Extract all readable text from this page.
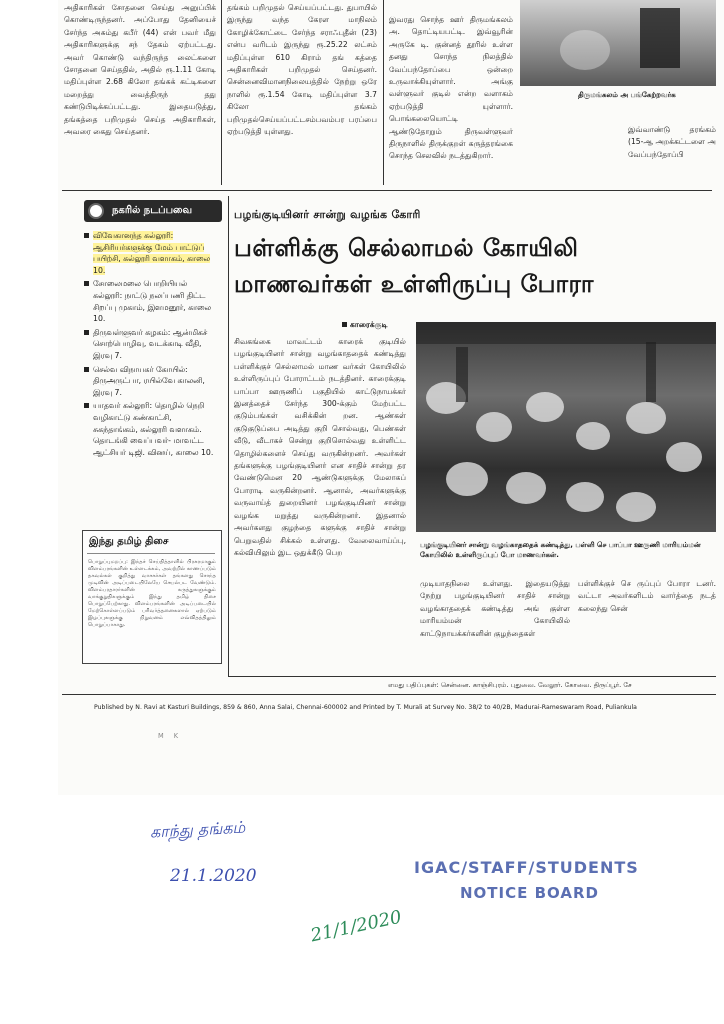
அதிகாரிகள் சோதனை செய்து அனுப்பிக் கொண்டிருந்தனர். அப்போது தேனியைச் சேர்ந்த அசும்து கபீர் (44) என் பவர் மீது அதிகாரிகளுக்கு சந் தேகம் ஏற்பட்டது. அவர் கொண்டு வந்திருந்த லைட்களை சோதனை செய்ததில், அதில் ரூ.1.11 கோடி மதிப்புள்ள 2.68 கிலோ தங்கக் கட்டிகளை மறைத்து வைத்திருந் தது கண்டுபிடிக்கப்பட்டது. இதையடுத்து, தங்கத்தை பறிமுதல் செய்த அதிகாரிகள், அவரை கைது செய்தனர்.
தங்கம் பறிமுதல் செய்யப்பட்டது. துபாயில் இருந்து வந்த கேரள மாநிலம் கோழிக்கோட்டை சேர்ந்த சராஃபுதீன் (23) என்ப வரிடம் இருந்து ரூ.25.22 லட்சம் மதிப்புள்ள 610 கிராம் தங் கத்தை அதிகாரிகள் பறிமுதல் செய்தனர். சென்னைவிமானநிலையத்தில் நேற்று ஒரே நாளில் ரூ.1.54 கோடி மதிப்புள்ள 3.7 கிலோ தங்கம் பறிமுதல்செய்யப்பட்டசம்பவம்பர பரப்பை ஏற்படுத்தி யுள்ளது.
இவரது சொந்த ஊர் திருமங்கலம் அ. தொட்டியபட்டி. இவ்வூரின் அருகே டி. குன்னத் தூரில் உள்ள தனது சொந்த நிலத்தில் வேப்பந்தோப்பை ஒன்றை உருவாக்கியுள்ளார். அங்கு வள்ளுவர் குடில் என்ற வளாகம் ஏற்படுத்தி யுள்ளார். பொங்கலையொட்டி ஆண்டுதோறும் திருவள்ளுவர் திருநாளில் திருக்குறள் கருத்தரங்கை சொந்த செலவில் நடத்துகிறார்.
திருமங்கலம் அ பங்கேற்றவர்க
இவ்வாண்டு தரங்கம் (15-ஆ அறக்கட்டளை அ வேப்பந்தோப்பி
நகரில் நடப்பவை
விவேகானந்த கல்லூரி: ஆசிரியர்களுக்கு மேம் பாட்டுப் பயிற்சி, கல்லூரி வளாகம், காலை 10.
சோலைமலை பொறியியல் கல்லூரி: நாட்டு நலப்பணி திட்ட சிறப்பு முகாம், இளமனூர், காலை 10.
திருவள்ளுவர் கழகம்: ஆன்மிகச் சொற்பொழிவு, வடக்காடி வீதி, இரவு 7.
செல்வ விநாயகர் கோயில்: திருஅருட்பா, ரயில்வே காலனி, இரவு 7.
யாதவர் கல்லூரி: தொழில் நெறி வழிகாட்டு கண்காட்சி, சுகந்தாங்கம், கல்லூரி வளாகம். தொடங்கி வைப்பவர்- மாவட்ட ஆட்சியர் டிஜி. வினய், காலை 10.
இந்து தமிழ் திசை
பொறுப்புமறப்பு: இந்தச் செய்தித்தாளில் பிரசுரமாகும் விளம்பரங்களின் உள்ளடக்கம், அவற்றில் காணப்படும் தகவல்கள் குறித்து வாசகர்கள் தங்களது சொந்த முடிவின் அடிப்படையிலேயே செயல்பட வேண்டும். விளம்பரதாரர்களின் கருத்துகளுக்கும் வாக்குறுதிகளுக்கும் இந்து தமிழ் திசை பொறுப்பேற்காது. விளம்பரங்களின் அடிப்படையில் மேற்கொள்ளப்படும் பரிவர்த்தனைகளால் ஏற்படும் இழப்புகளுக்கு நிறுவனம் எவ்விதத்திலும் பொறுப்பாகாது.
பழங்குடியினர் சான்று வழங்க கோரி
பள்ளிக்கு செல்லாமல் கோயிலி
மாணவர்கள் உள்ளிருப்பு போரா
காரைக்குடி
சிவகங்கை மாவட்டம் காரைக் குடியில் பழங்குடியினர் சான்று வழங்காததைக் கண்டித்து பள்ளிக்குச் செல்லாமல் மாண வர்கள் கோயிலில் உள்ளிருப்புப் போராட்டம் நடத்தினர். காரைக்குடி பாப்பா ஊருணிப் பகுதியில் காட்டுநாயக்கர் இனத்தைச் சேர்ந்த 300-க்கும் மேற்பட்ட குடும்பங்கள் வசிக்கின் றன. ஆண்கள் குடுகுடுப்பை அடித்து குறி சொல்வது, பெண்கள் வீடு, வீடாகச் சென்று குறிசொல்வது உள்ளிட்ட தொழில்களைச் செய்து வருகின்றனர். அவர்கள் தங்களுக்கு பழங்குடியினர் என சாதிச் சான்று தர வேண்டுமென 20 ஆண்டுகளுக்கு மேலாகப் போராடி வருகின்றனர். ஆனால், அவர்களுக்கு வருவாய்த் துறையினர் பழங்குடியினர் சான்று வழங்க மறுத்து வருகின்றனர். இதனால் அவர்களது குழந்தை களுக்கு சாதிச் சான்று பெறுவதில் சிக்கல் உள்ளது. வேலைவாய்ப்பு, கல்வியிலும் இட ஒதுக்கீடு பெற
பழங்குடியினர் சான்று வழங்காததைக் கண்டித்து, பள்ளி செ பாப்பா ஊருணி மாரியம்மன் கோயிலில் உள்ளிருப்புப் போ மாணவர்கள்.
முடியாதநிலை உள்ளது. இதையடுத்து நேற்று பழங்குடியினர் சாதிச் சான்று வழங்காததைக் கண்டித்து அங் குள்ள மாரியம்மன் கோயிலில் காட்டுநாயக்கர்களின் குழந்தைகள்
பள்ளிக்குச் செ ருப்புப் போரா டனர். வட்டா அவர்களிடம் வார்த்தை நடத் கலைந்து சென்
எமது பதிப்புகள்: சென்னை. காஞ்சிபுரம். புதுவை. வேலூர். கோவை. திருப்பூர். சே
Published by N. Ravi at Kasturi Buildings, 859 & 860, Anna Salai, Chennai-600002 and Printed by T. Murali at Survey No. 38/2 to 40/2B, Madurai-Rameswaram Road, Puliankula
M K
காந்து தங்கம்
21.1.2020	IGAC/STAFF/STUDENTS
NOTICE BOARD
21/1/2020
